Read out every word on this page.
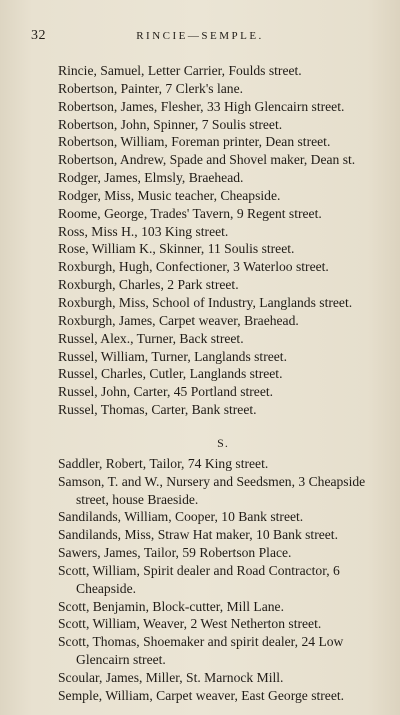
32	RINCIE—SEMPLE.
Rincie, Samuel, Letter Carrier, Foulds street.
Robertson, Painter, 7 Clerk's lane.
Robertson, James, Flesher, 33 High Glencairn street.
Robertson, John, Spinner, 7 Soulis street.
Robertson, William, Foreman printer, Dean street.
Robertson, Andrew, Spade and Shovel maker, Dean st.
Rodger, James, Elmsly, Braehead.
Rodger, Miss, Music teacher, Cheapside.
Roome, George, Trades' Tavern, 9 Regent street.
Ross, Miss H., 103 King street.
Rose, William K., Skinner, 11 Soulis street.
Roxburgh, Hugh, Confectioner, 3 Waterloo street.
Roxburgh, Charles, 2 Park street.
Roxburgh, Miss, School of Industry, Langlands street.
Roxburgh, James, Carpet weaver, Braehead.
Russel, Alex., Turner, Back street.
Russel, William, Turner, Langlands street.
Russel, Charles, Cutler, Langlands street.
Russel, John, Carter, 45 Portland street.
Russel, Thomas, Carter, Bank street.
S.
Saddler, Robert, Tailor, 74 King street.
Samson, T. and W., Nursery and Seedsmen, 3 Cheapside street, house Braeside.
Sandilands, William, Cooper, 10 Bank street.
Sandilands, Miss, Straw Hat maker, 10 Bank street.
Sawers, James, Tailor, 59 Robertson Place.
Scott, William, Spirit dealer and Road Contractor, 6 Cheapside.
Scott, Benjamin, Block-cutter, Mill Lane.
Scott, William, Weaver, 2 West Netherton street.
Scott, Thomas, Shoemaker and spirit dealer, 24 Low Glencairn street.
Scoular, James, Miller, St. Marnock Mill.
Semple, William, Carpet weaver, East George street.
